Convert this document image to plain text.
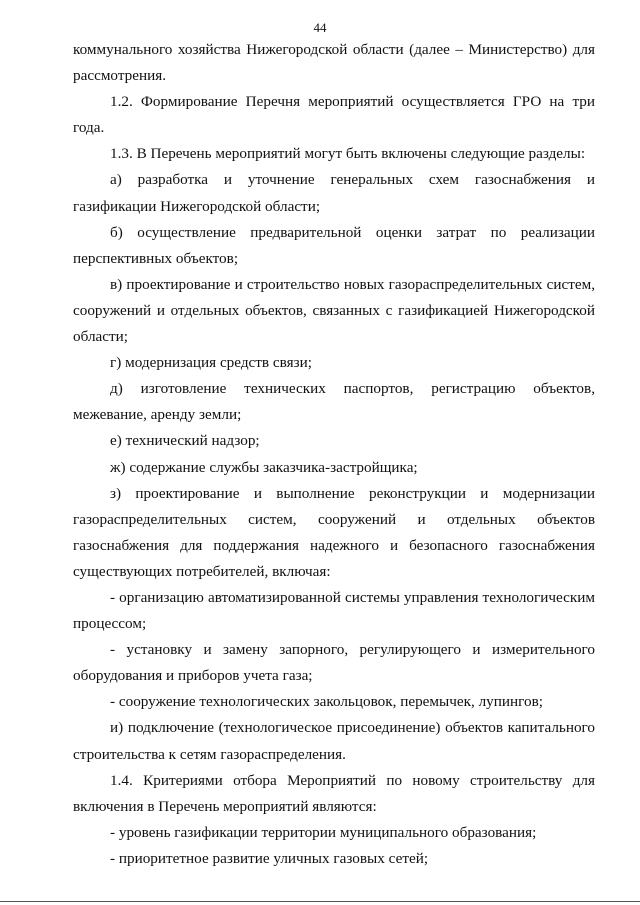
44

коммунального хозяйства Нижегородской области (далее – Министерство) для рассмотрения.

1.2. Формирование Перечня мероприятий осуществляется ГРО на три года.

1.3. В Перечень мероприятий могут быть включены следующие разделы:

а) разработка и уточнение генеральных схем газоснабжения и газификации Нижегородской области;

б) осуществление предварительной оценки затрат по реализации перспективных объектов;

в) проектирование и строительство новых газораспределительных систем, сооружений и отдельных объектов, связанных с газификацией Нижегородской области;

г) модернизация средств связи;

д) изготовление технических паспортов, регистрацию объектов, межевание, аренду земли;

е) технический надзор;

ж) содержание службы заказчика-застройщика;

з) проектирование и выполнение реконструкции и модернизации газораспределительных систем, сооружений и отдельных объектов газоснабжения для поддержания надежного и безопасного газоснабжения существующих потребителей, включая:

- организацию автоматизированной системы управления технологическим процессом;

- установку и замену запорного, регулирующего и измерительного оборудования и приборов учета газа;

- сооружение технологических закольцовок, перемычек, лупингов;

и) подключение (технологическое присоединение) объектов капитального строительства к сетям газораспределения.

1.4. Критериями отбора Мероприятий по новому строительству для включения в Перечень мероприятий являются:

- уровень газификации территории муниципального образования;

- приоритетное развитие уличных газовых сетей;
